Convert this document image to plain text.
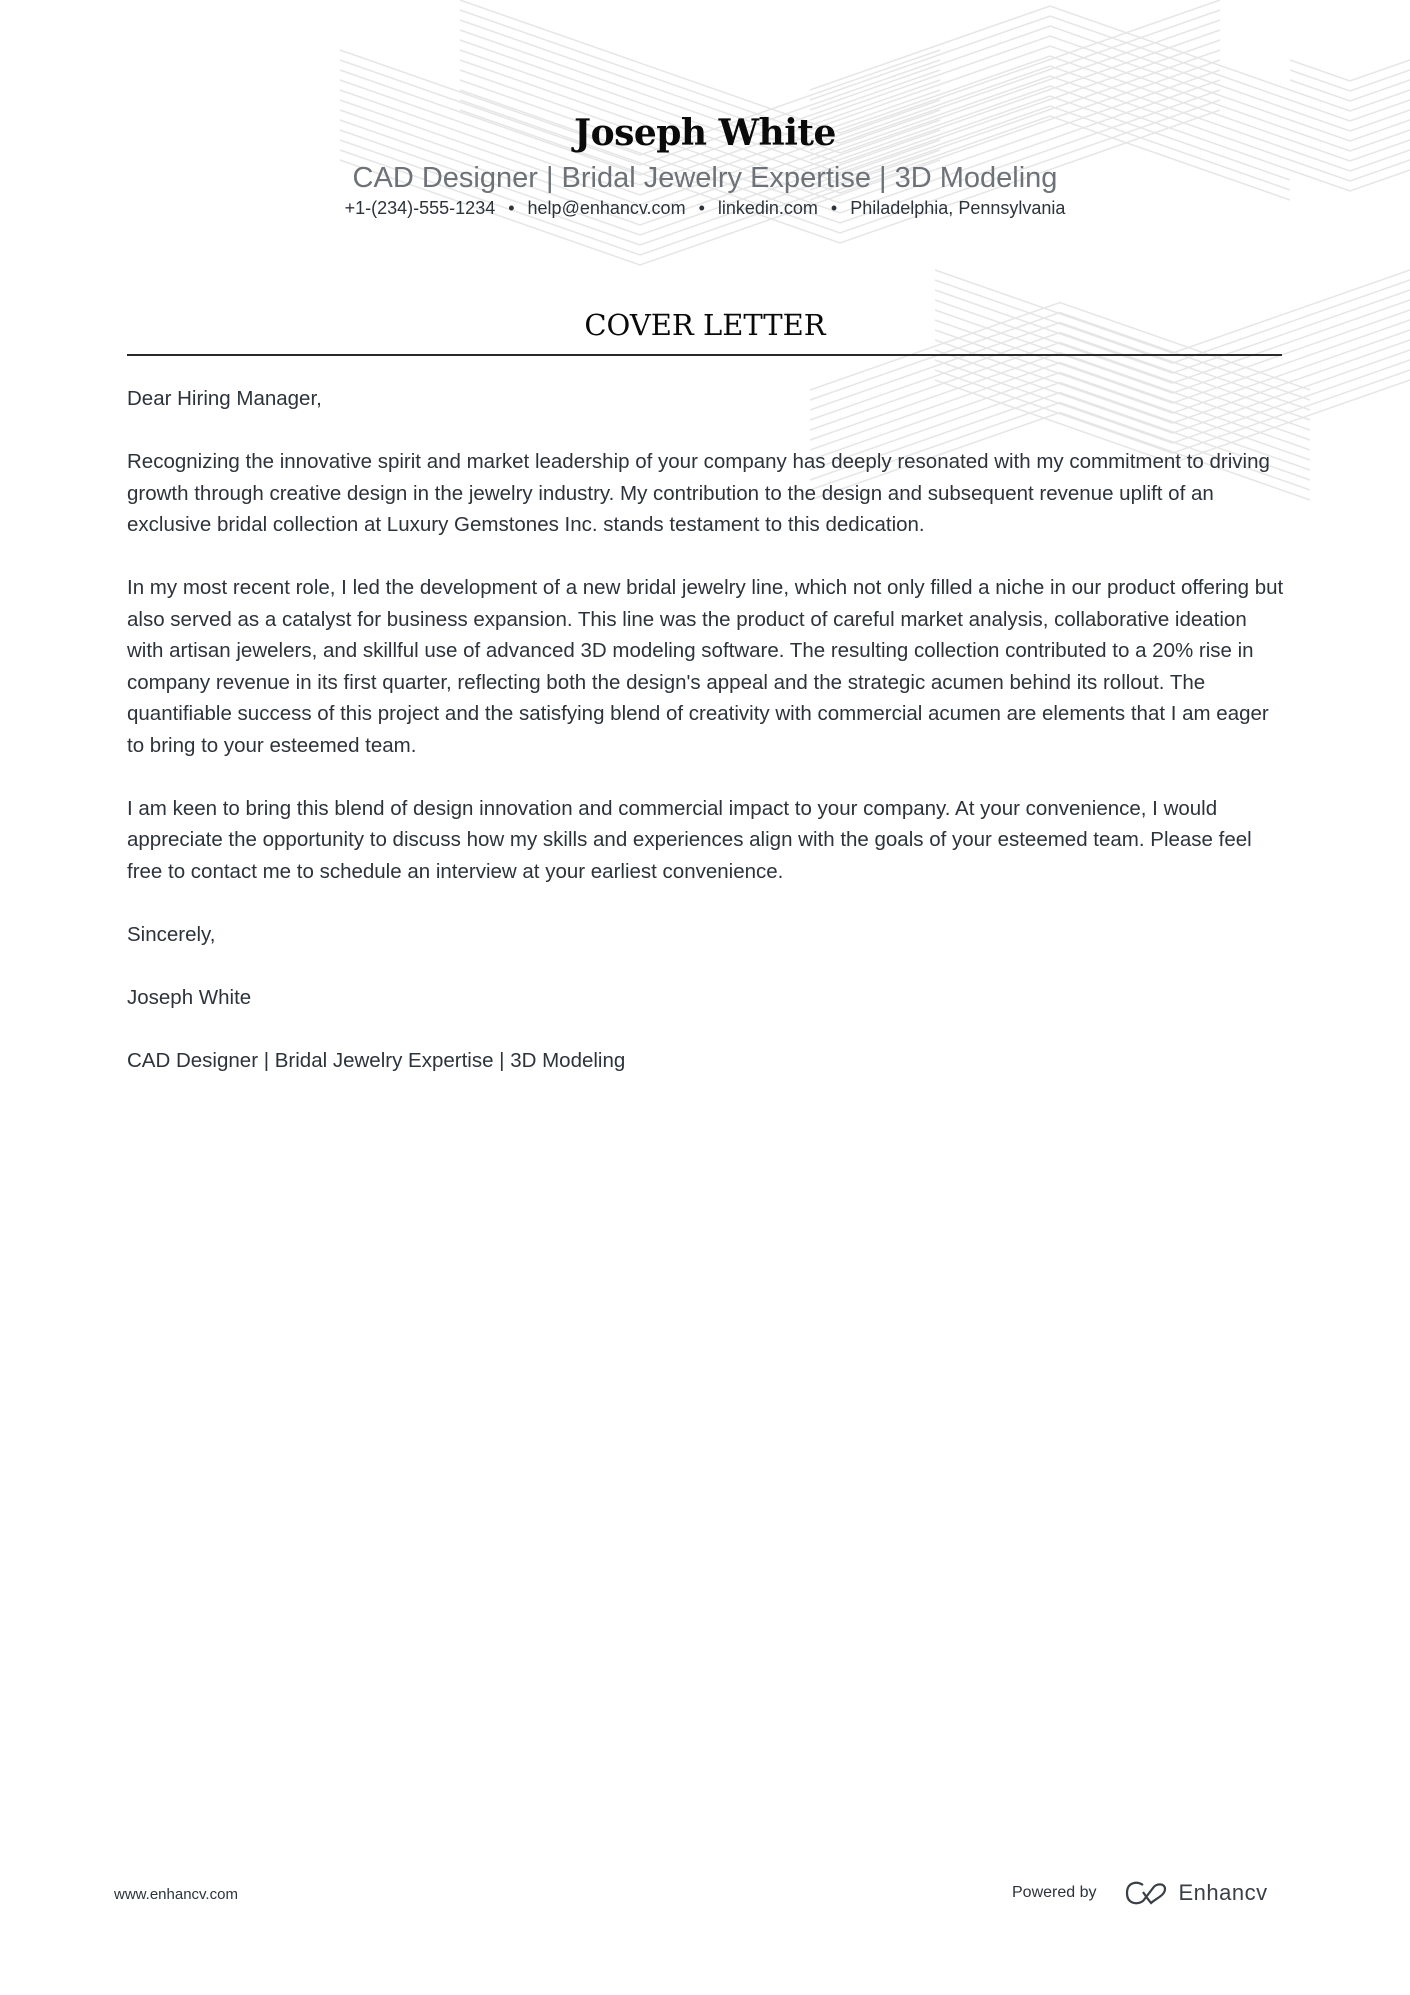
Joseph White
CAD Designer | Bridal Jewelry Expertise | 3D Modeling
+1-(234)-555-1234 • help@enhancv.com • linkedin.com • Philadelphia, Pennsylvania
COVER LETTER

Dear Hiring Manager,

Recognizing the innovative spirit and market leadership of your company has deeply resonated with my commitment to driving growth through creative design in the jewelry industry. My contribution to the design and subsequent revenue uplift of an exclusive bridal collection at Luxury Gemstones Inc. stands testament to this dedication.

In my most recent role, I led the development of a new bridal jewelry line, which not only filled a niche in our product offering but also served as a catalyst for business expansion. This line was the product of careful market analysis, collaborative ideation with artisan jewelers, and skillful use of advanced 3D modeling software. The resulting collection contributed to a 20% rise in company revenue in its first quarter, reflecting both the design's appeal and the strategic acumen behind its rollout. The quantifiable success of this project and the satisfying blend of creativity with commercial acumen are elements that I am eager to bring to your esteemed team.

I am keen to bring this blend of design innovation and commercial impact to your company. At your convenience, I would appreciate the opportunity to discuss how my skills and experiences align with the goals of your esteemed team. Please feel free to contact me to schedule an interview at your earliest convenience.

Sincerely,

Joseph White

CAD Designer | Bridal Jewelry Expertise | 3D Modeling

www.enhancv.com	Powered by	Enhancv
